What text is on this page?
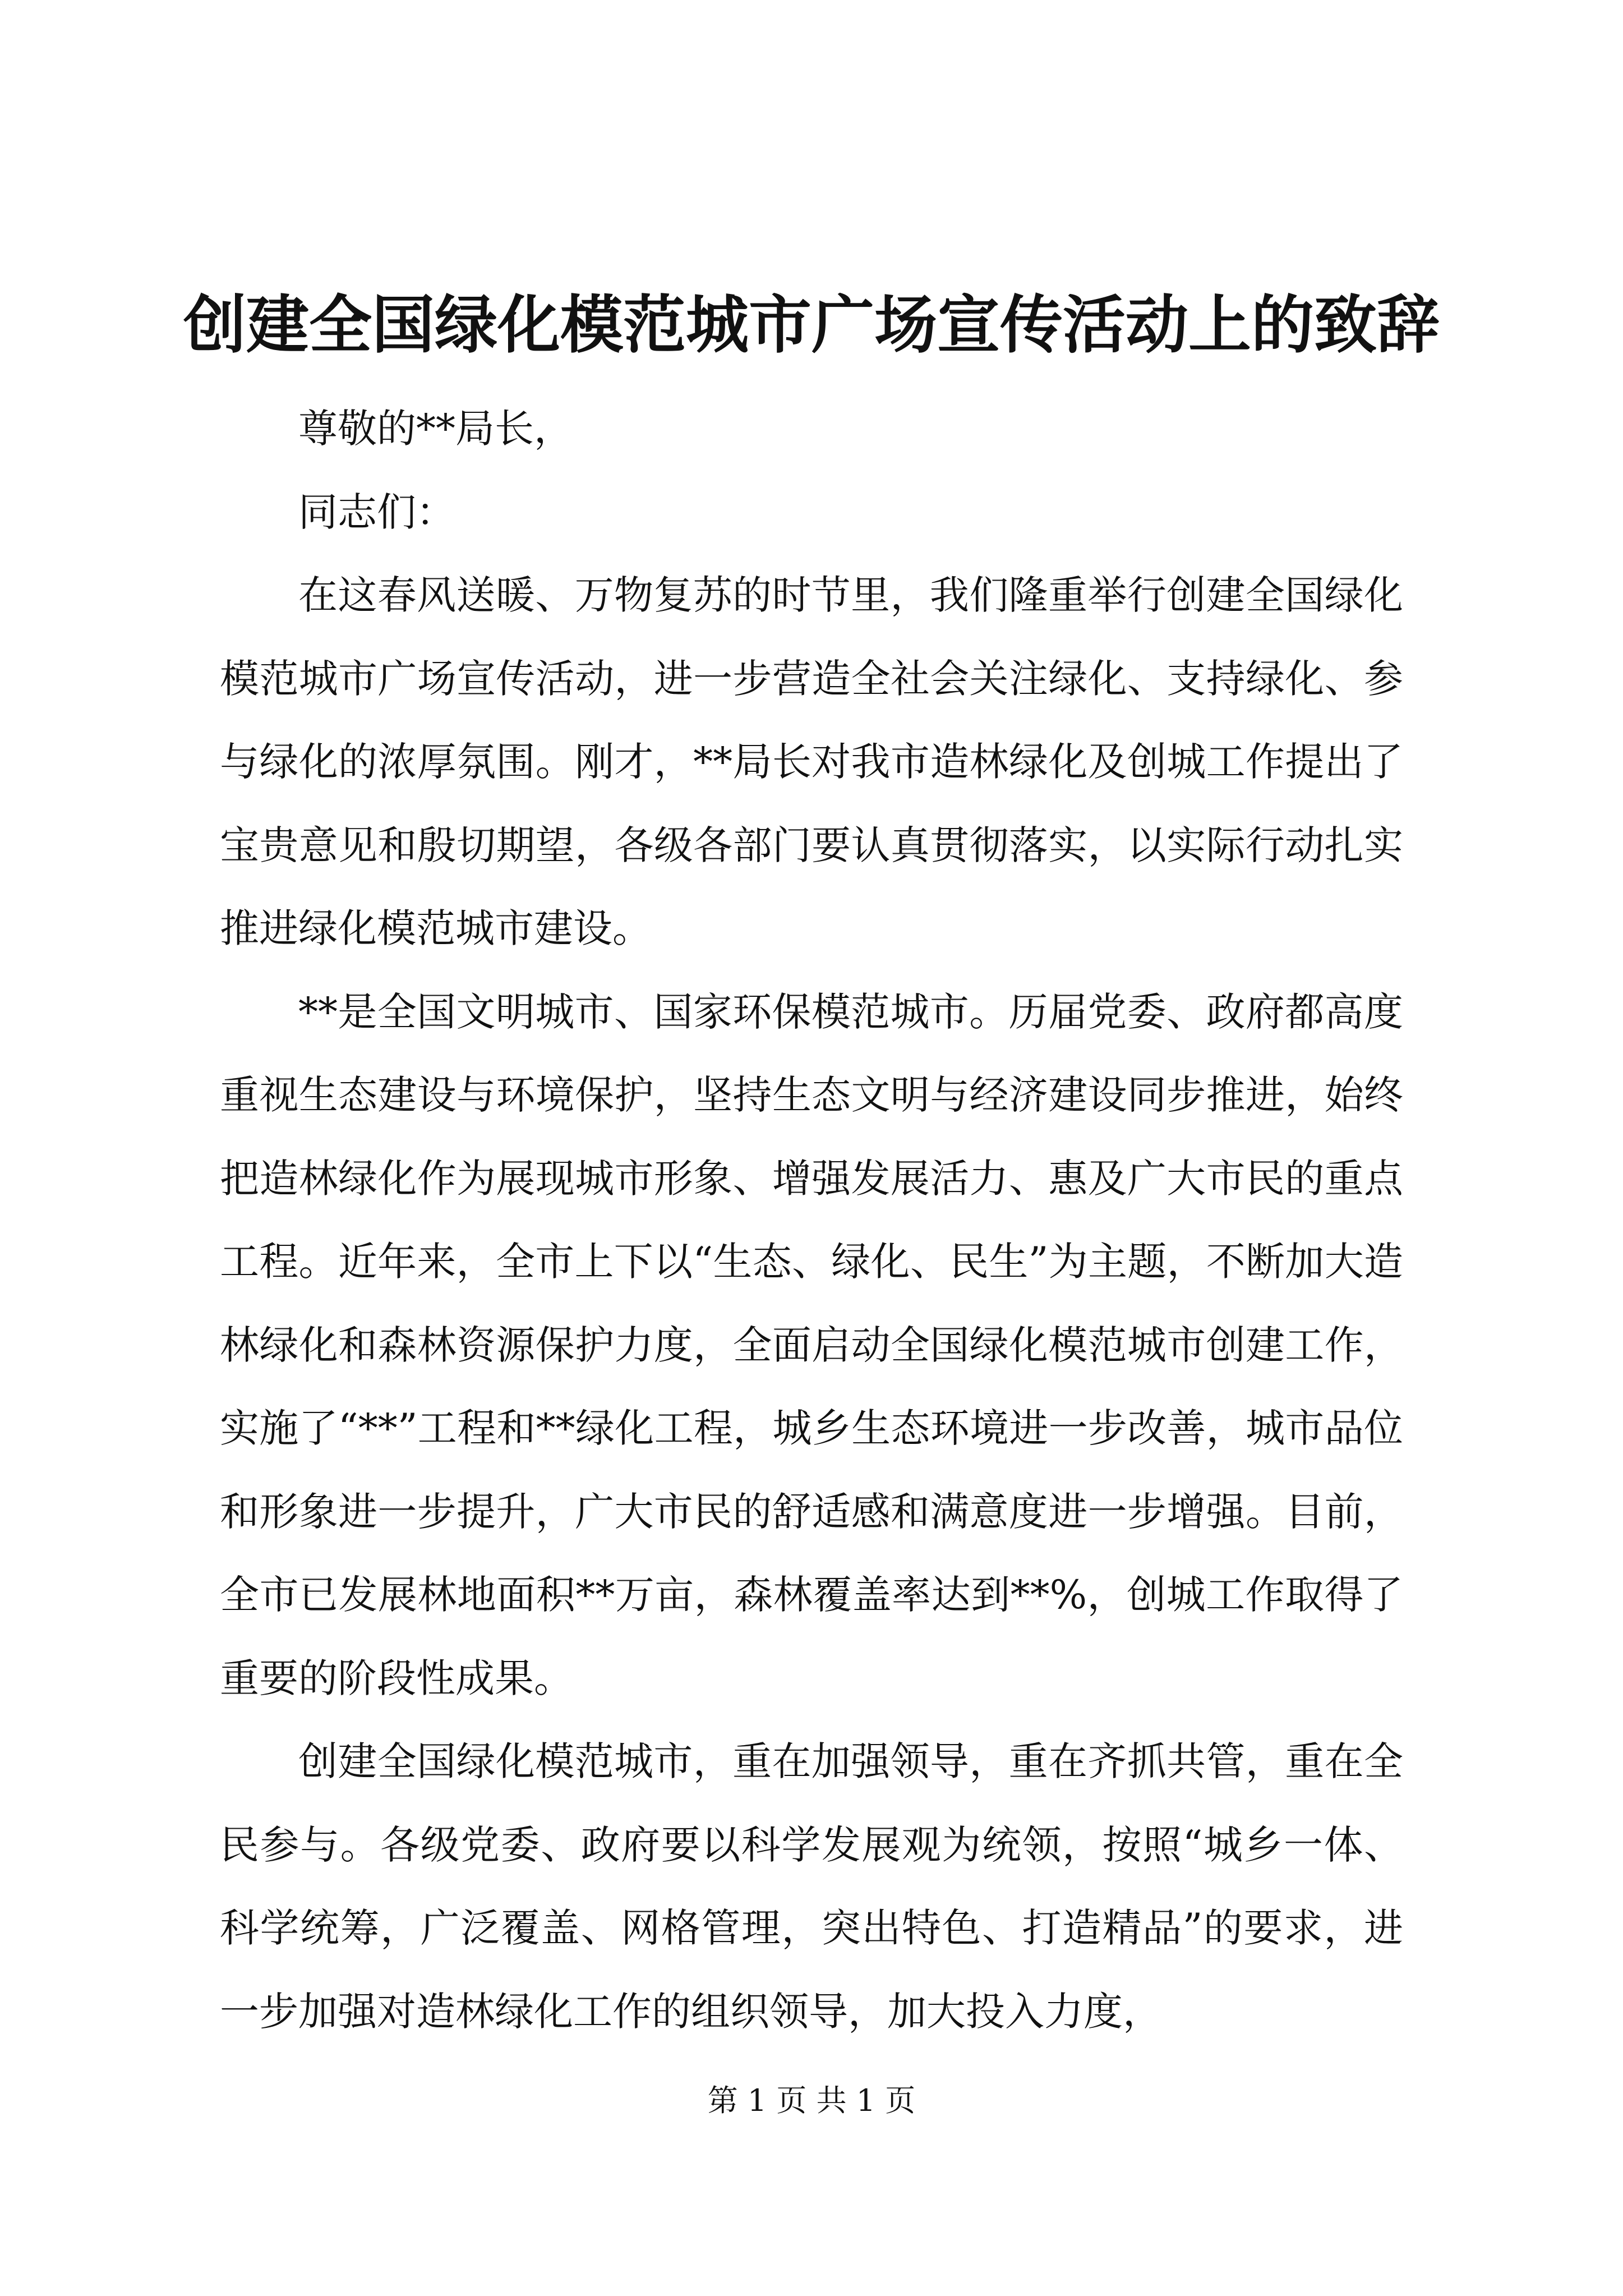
创建全国绿化模范城市广场宣传活动上的致辞

尊敬的**局长，

同志们：

在这春风送暖、万物复苏的时节里，我们隆重举行创建全国绿化模范城市广场宣传活动，进一步营造全社会关注绿化、支持绿化、参与绿化的浓厚氛围。刚才，**局长对我市造林绿化及创城工作提出了宝贵意见和殷切期望，各级各部门要认真贯彻落实，以实际行动扎实推进绿化模范城市建设。

**是全国文明城市、国家环保模范城市。历届党委、政府都高度重视生态建设与环境保护，坚持生态文明与经济建设同步推进，始终把造林绿化作为展现城市形象、增强发展活力、惠及广大市民的重点工程。近年来，全市上下以“生态、绿化、民生”为主题，不断加大造林绿化和森林资源保护力度，全面启动全国绿化模范城市创建工作，实施了“**”工程和**绿化工程，城乡生态环境进一步改善，城市品位和形象进一步提升，广大市民的舒适感和满意度进一步增强。目前，全市已发展林地面积**万亩，森林覆盖率达到**%，创城工作取得了重要的阶段性成果。

创建全国绿化模范城市，重在加强领导，重在齐抓共管，重在全民参与。各级党委、政府要以科学发展观为统领，按照“城乡一体、科学统筹，广泛覆盖、网格管理，突出特色、打造精品”的要求，进一步加强对造林绿化工作的组织领导，加大投入力度，

第 1 页 共 1 页
